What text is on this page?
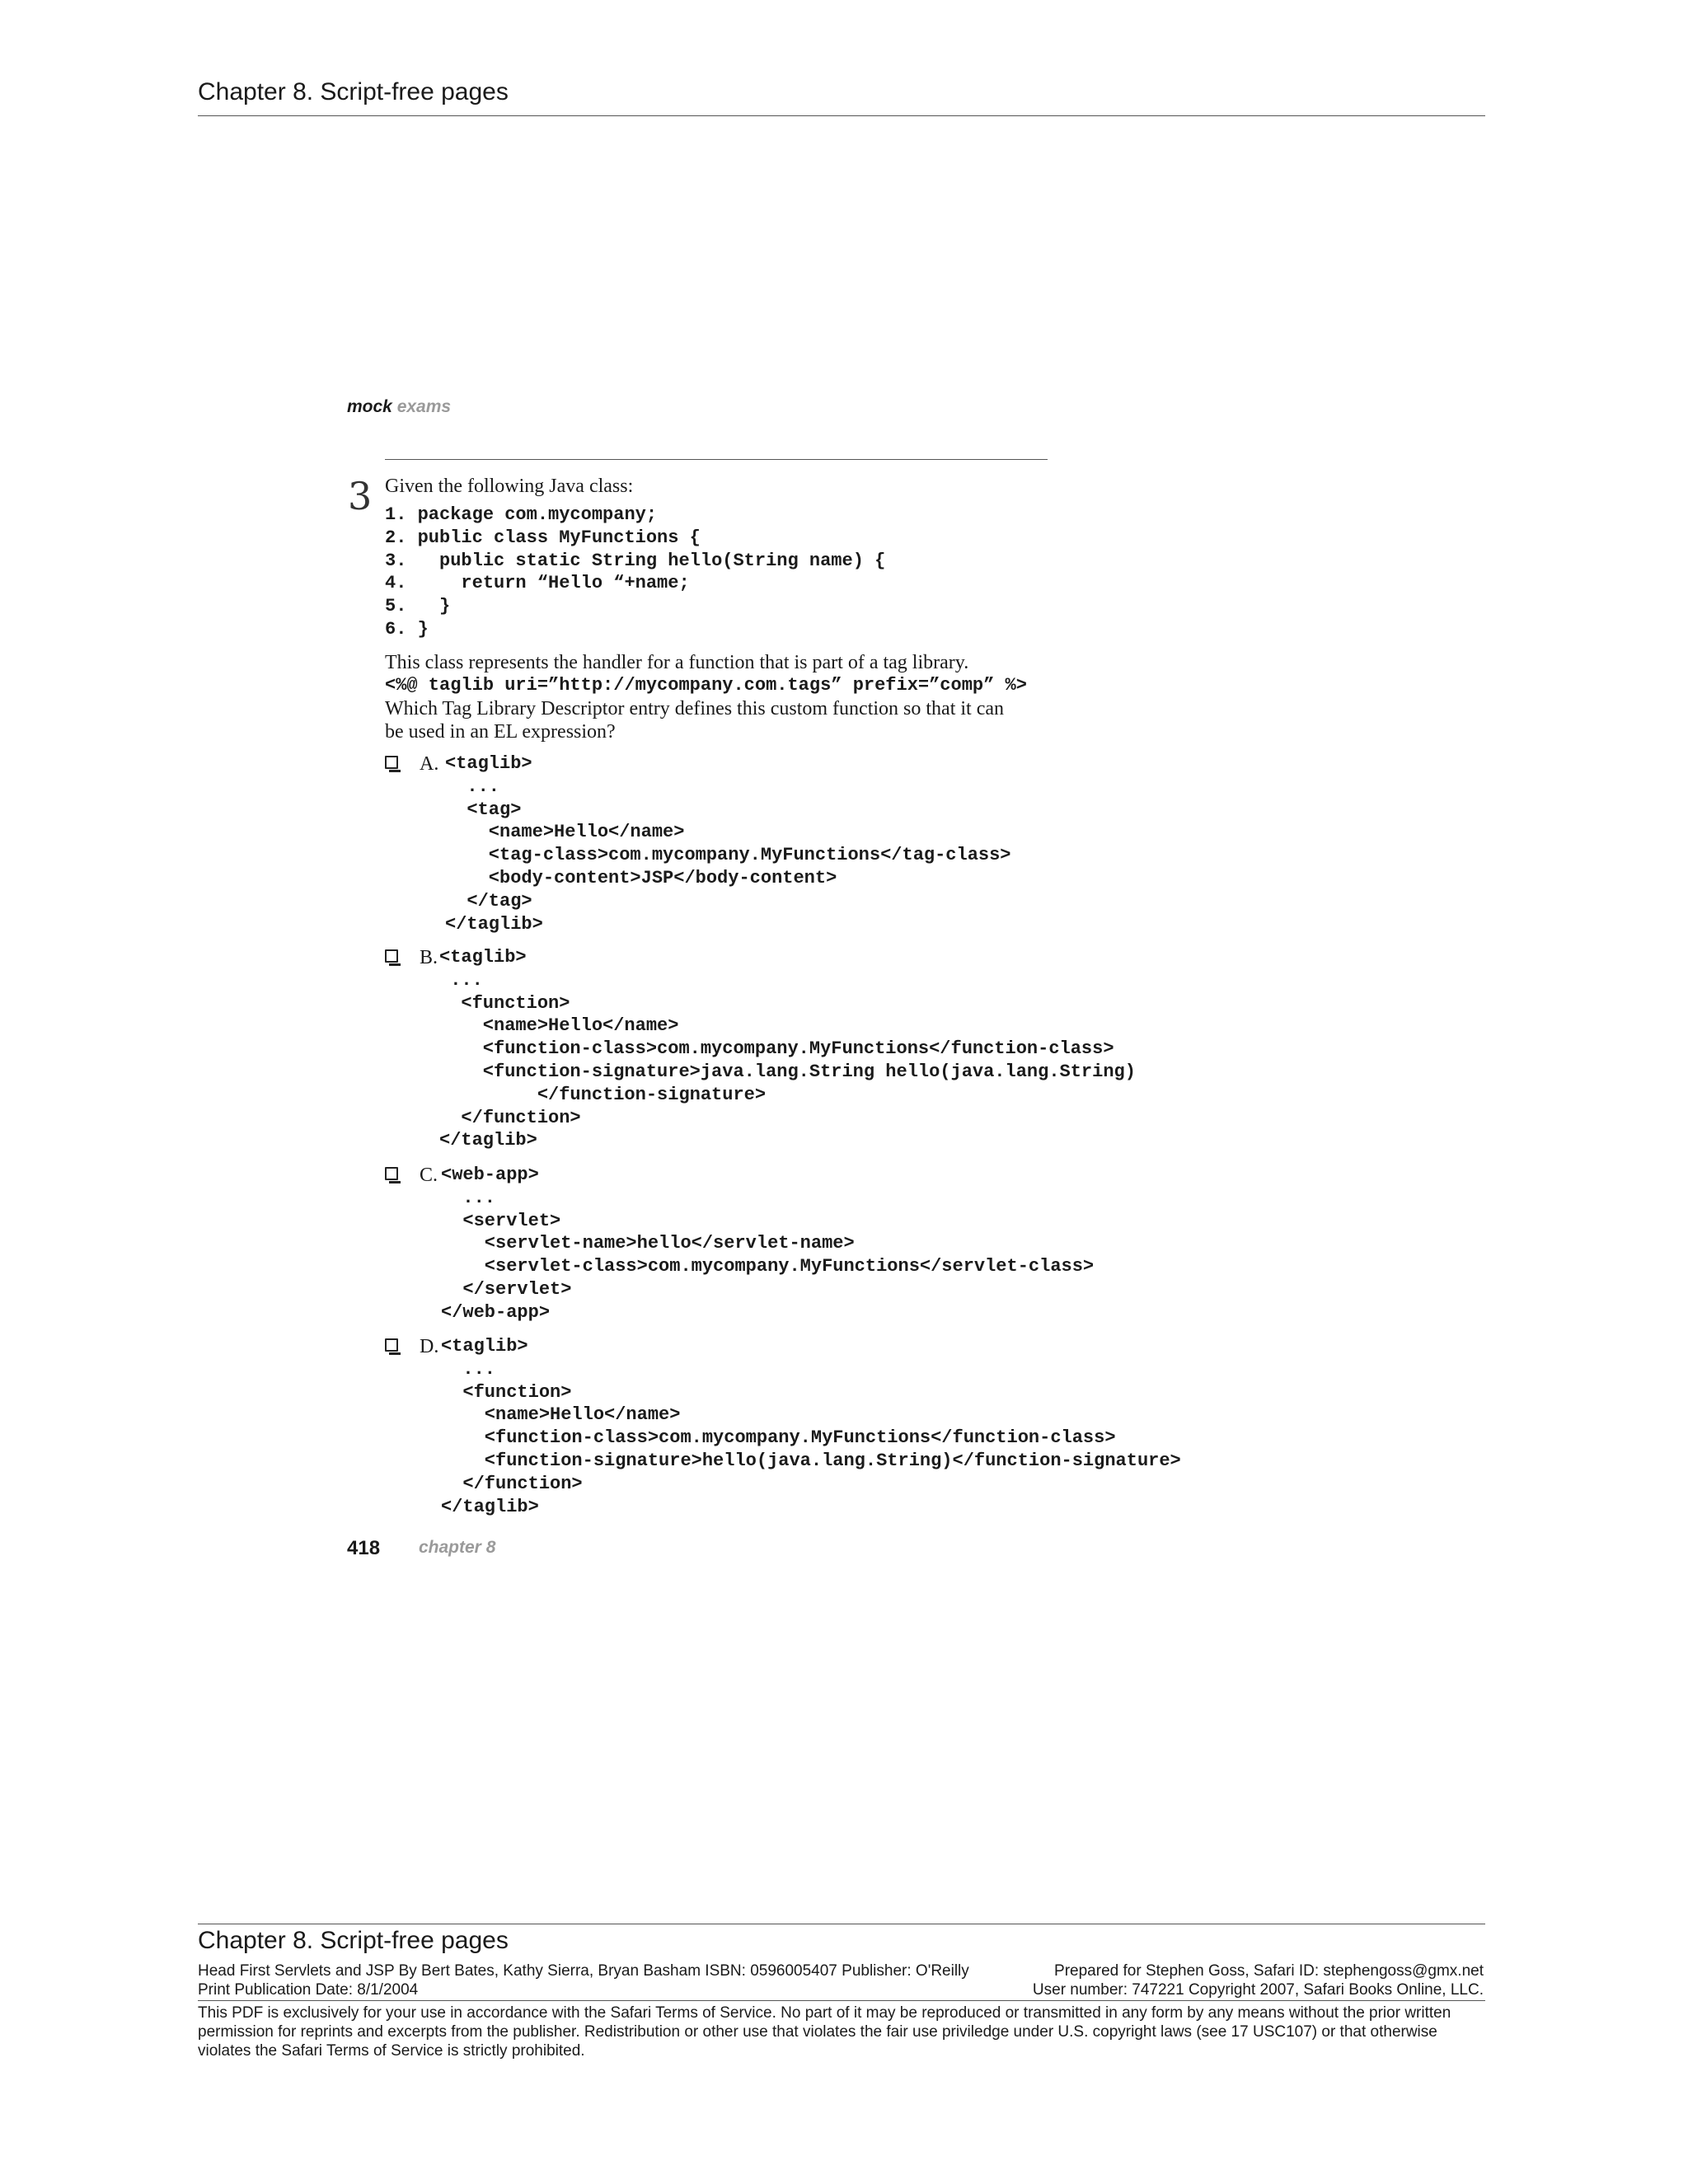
Chapter 8. Script-free pages
mock exams
3 Given the following Java class:
1. package com.mycompany;
2. public class MyFunctions {
3.   public static String hello(String name) {
4.     return “Hello “+name;
5.   }
6. }
This class represents the handler for a function that is part of a tag library.
<%@ taglib uri=”http://mycompany.com.tags” prefix=”comp” %>
Which Tag Library Descriptor entry defines this custom function so that it can
be used in an EL expression?
A. <taglib>
...
<tag>
<name>Hello</name>
<tag-class>com.mycompany.MyFunctions</tag-class>
<body-content>JSP</body-content>
</tag>
</taglib>
B. <taglib>
...
<function>
<name>Hello</name>
<function-class>com.mycompany.MyFunctions</function-class>
<function-signature>java.lang.String hello(java.lang.String)
</function-signature>
</function>
</taglib>
C. <web-app>
...
<servlet>
<servlet-name>hello</servlet-name>
<servlet-class>com.mycompany.MyFunctions</servlet-class>
</servlet>
</web-app>
D. <taglib>
...
<function>
<name>Hello</name>
<function-class>com.mycompany.MyFunctions</function-class>
<function-signature>hello(java.lang.String)</function-signature>
</function>
</taglib>
418 chapter 8
Chapter 8. Script-free pages
Head First Servlets and JSP By Bert Bates, Kathy Sierra, Bryan Basham ISBN: 0596005407 Publisher: O'Reilly	Prepared for Stephen Goss, Safari ID: stephengoss@gmx.net
Print Publication Date: 8/1/2004	User number: 747221 Copyright 2007, Safari Books Online, LLC.
This PDF is exclusively for your use in accordance with the Safari Terms of Service. No part of it may be reproduced or transmitted in any form by any means without the prior written permission for reprints and excerpts from the publisher. Redistribution or other use that violates the fair use priviledge under U.S. copyright laws (see 17 USC107) or that otherwise violates the Safari Terms of Service is strictly prohibited.
